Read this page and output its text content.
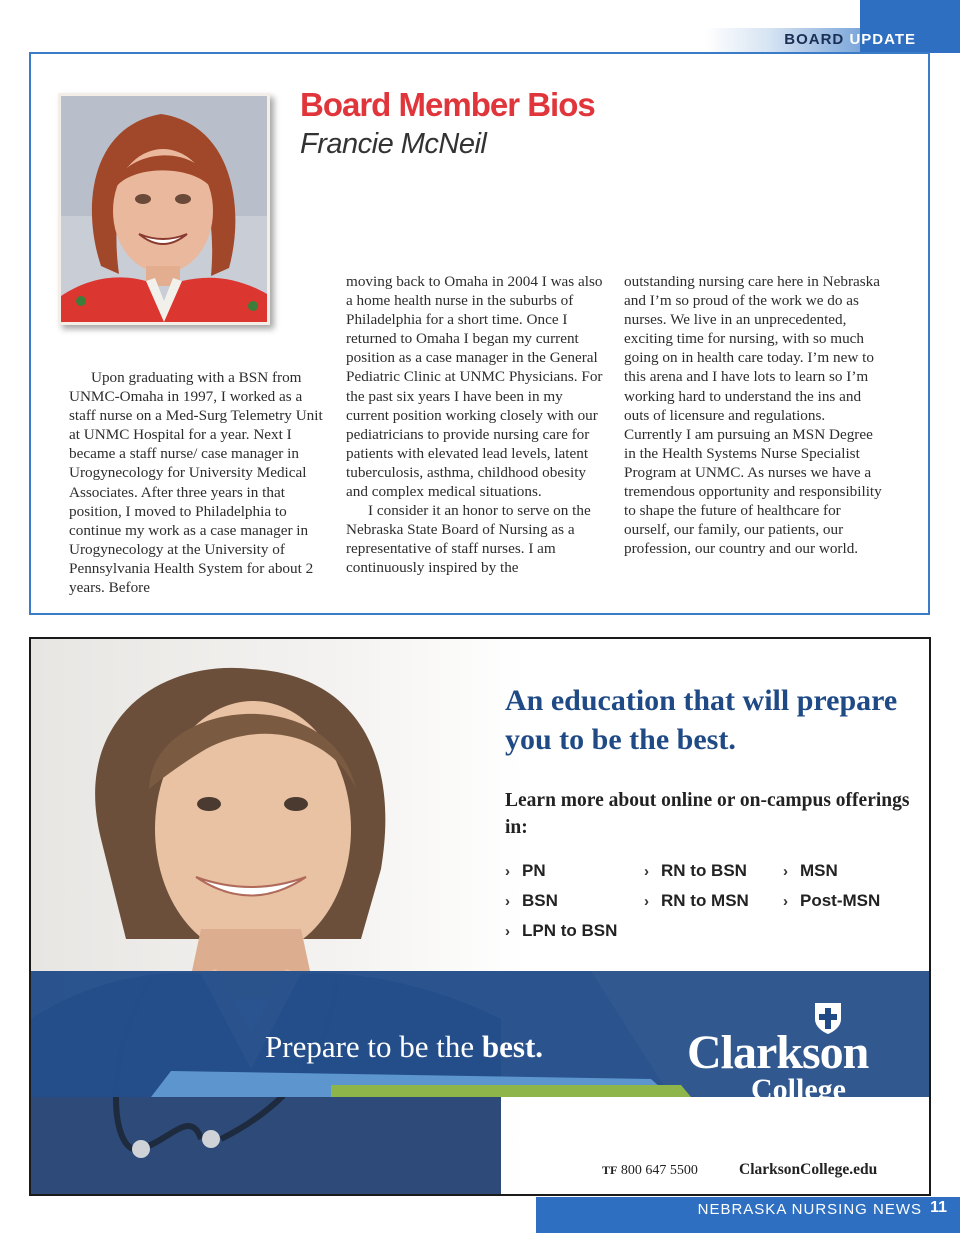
BOARD UPDATE
Board Member Bios
Francie McNeil

Upon graduating with a BSN from UNMC-Omaha in 1997, I worked as a staff nurse on a Med-Surg Telemetry Unit at UNMC Hospital for a year. Next I became a staff nurse/ case manager in Urogynecology for University Medical Associates. After three years in that position, I moved to Philadelphia to continue my work as a case manager in Urogynecology at the University of Pennsylvania Health System for about 2 years. Before

moving back to Omaha in 2004 I was also a home health nurse in the suburbs of Philadelphia for a short time. Once I returned to Omaha I began my current position as a case manager in the General Pediatric Clinic at UNMC Physicians. For the past six years I have been in my current position working closely with our pediatricians to provide nursing care for patients with elevated lead levels, latent tuberculosis, asthma, childhood obesity and complex medical situations.

I consider it an honor to serve on the Nebraska State Board of Nursing as a representative of staff nurses. I am continuously inspired by the

outstanding nursing care here in Nebraska and I’m so proud of the work we do as nurses. We live in an unprecedented, exciting time for nursing, with so much going on in health care today. I’m new to this arena and I have lots to learn so I’m working hard to understand the ins and outs of licensure and regulations. Currently I am pursuing an MSN Degree in the Health Systems Nurse Specialist Program at UNMC. As nurses we have a tremendous opportunity and responsibility to shape the future of healthcare for ourself, our family, our patients, our profession, our country and our world.

An education that will prepare you to be the best.
Learn more about online or on-campus offerings in:
› PN
› BSN
› LPN to BSN
› RN to BSN
› RN to MSN
› MSN
› Post-MSN
Prepare to be the best.	Clarkson
College
TF 800 647 5500	ClarksonCollege.edu
NEBRASKA NURSING NEWS 11
